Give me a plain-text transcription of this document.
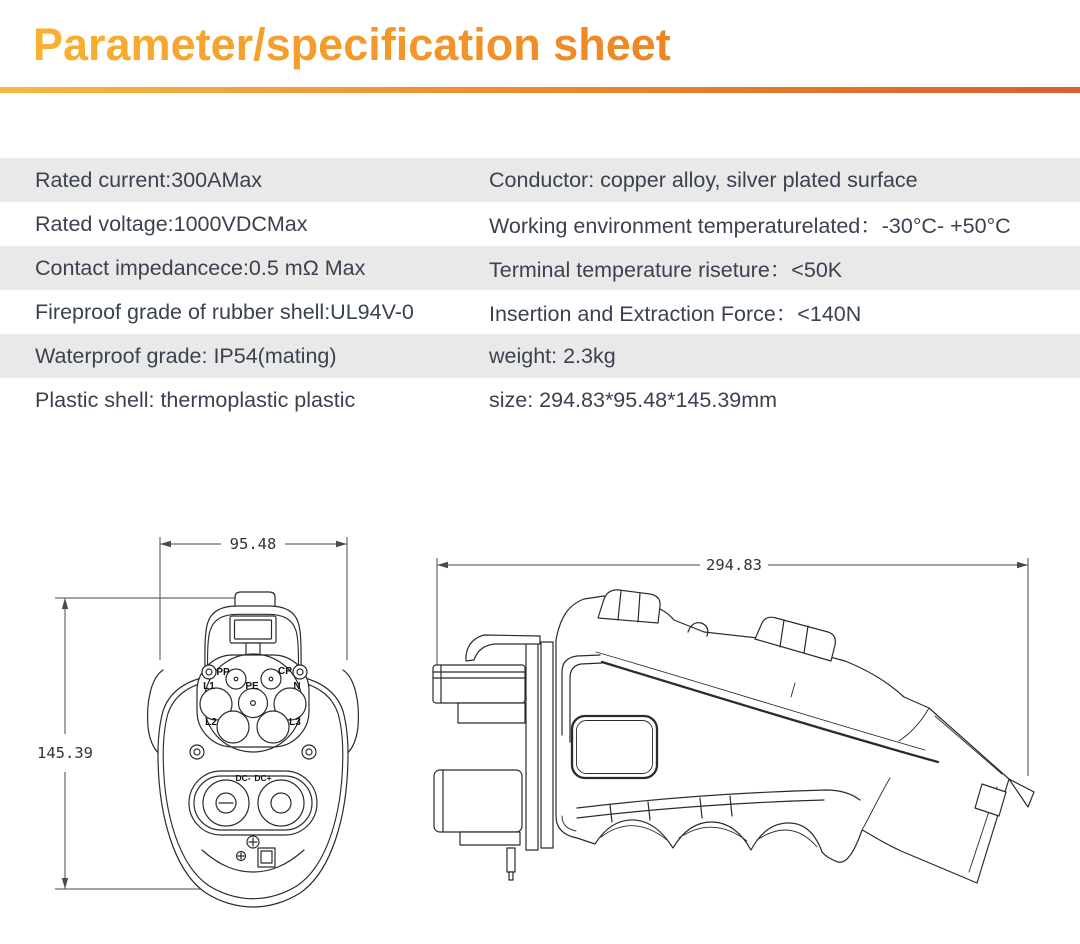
Parameter/specification sheet
Rated current:300AMax	Conductor: copper alloy, silver plated surface
Rated voltage:1000VDCMax	Working environment temperaturelated：-30°C- +50°C
Contact impedancece:0.5 mΩ Max	Terminal temperature riseture：<50K
Fireproof grade of rubber shell:UL94V-0	Insertion and Extraction Force：<140N
Waterproof grade: IP54(mating)	weight: 2.3kg
Plastic shell: thermoplastic plastic	size: 294.83*95.48*145.39mm
95.48
145.39
PP	CP
L1	PE	N
L2	L3
DC- DC+
294.83
